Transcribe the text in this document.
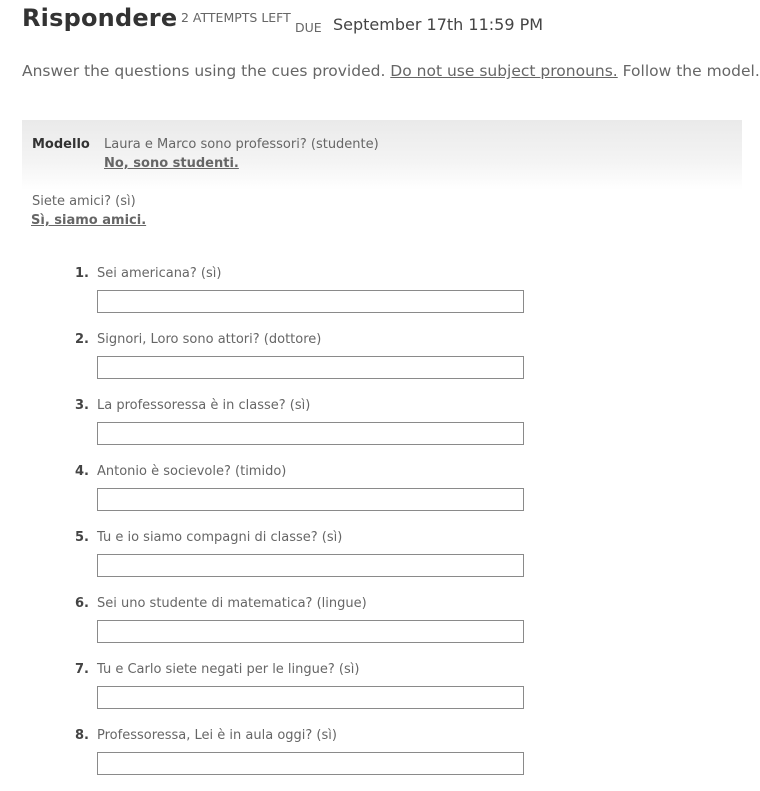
Rispondere 2 ATTEMPTS LEFT
DUE September 17th 11:59 PM
Answer the questions using the cues provided. Do not use subject pronouns. Follow the model.
Modello Laura e Marco sono professori? (studente)
No, sono studenti.
Siete amici? (sì)
Sì, siamo amici.
1. Sei americana? (sì)
2. Signori, Loro sono attori? (dottore)
3. La professoressa è in classe? (sì)
4. Antonio è socievole? (timido)
5. Tu e io siamo compagni di classe? (sì)
6. Sei uno studente di matematica? (lingue)
7. Tu e Carlo siete negati per le lingue? (sì)
8. Professoressa, Lei è in aula oggi? (sì)
